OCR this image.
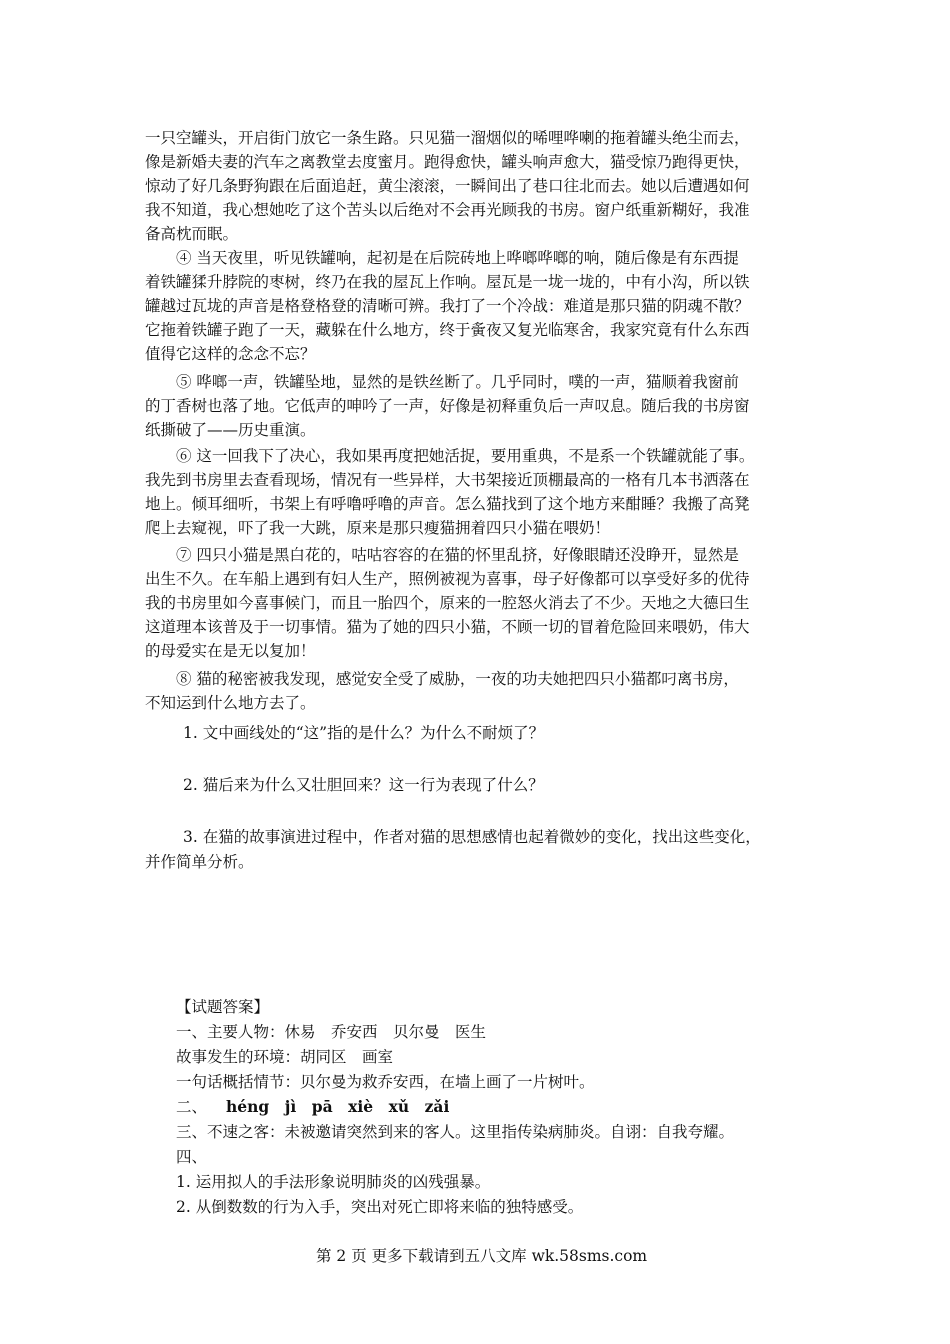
一只空罐头，开启街门放它一条生路。只见猫一溜烟似的唏哩哗喇的拖着罐头绝尘而去，
像是新婚夫妻的汽车之离教堂去度蜜月。跑得愈快，罐头响声愈大，猫受惊乃跑得更快，
惊动了好几条野狗跟在后面追赶，黄尘滚滚，一瞬间出了巷口往北而去。她以后遭遇如何
我不知道，我心想她吃了这个苦头以后绝对不会再光顾我的书房。窗户纸重新糊好，我准
备高枕而眠。
④ 当天夜里，听见铁罐响，起初是在后院砖地上哗啷哗啷的响，随后像是有东西提
着铁罐猱升脖院的枣树，终乃在我的屋瓦上作响。屋瓦是一垅一垅的，中有小沟，所以铁
罐越过瓦垅的声音是格登格登的清晰可辨。我打了一个冷战：难道是那只猫的阴魂不散？
它拖着铁罐子跑了一天，藏躲在什么地方，终于夤夜又复光临寒舍，我家究竟有什么东西
值得它这样的念念不忘？
⑤ 哗啷一声，铁罐坠地，显然的是铁丝断了。几乎同时，噗的一声，猫顺着我窗前
的丁香树也落了地。它低声的呻吟了一声，好像是初释重负后一声叹息。随后我的书房窗
纸撕破了——历史重演。
⑥ 这一回我下了决心，我如果再度把她活捉，要用重典，不是系一个铁罐就能了事。
我先到书房里去查看现场，情况有一些异样，大书架接近顶棚最高的一格有几本书洒落在
地上。倾耳细听，书架上有呼噜呼噜的声音。怎么猫找到了这个地方来酣睡？我搬了高凳
爬上去窥视，吓了我一大跳，原来是那只瘦猫拥着四只小猫在喂奶！
⑦ 四只小猫是黑白花的，咕咕容容的在猫的怀里乱挤，好像眼睛还没睁开，显然是
出生不久。在车船上遇到有妇人生产，照例被视为喜事，母子好像都可以享受好多的优待
我的书房里如今喜事候门，而且一胎四个，原来的一腔怒火消去了不少。天地之大德曰生
这道理本该普及于一切事情。猫为了她的四只小猫，不顾一切的冒着危险回来喂奶，伟大
的母爱实在是无以复加！
⑧ 猫的秘密被我发现，感觉安全受了威胁，一夜的功夫她把四只小猫都叼离书房，
不知运到什么地方去了。
1. 文中画线处的“这”指的是什么？为什么不耐烦了？
2. 猫后来为什么又壮胆回来？这一行为表现了什么？
3. 在猫的故事演进过程中，作者对猫的思想感情也起着微妙的变化，找出这些变化，
并作简单分析。
【试题答案】
一、主要人物：休易　乔安西　贝尔曼　医生
故事发生的环境：胡同区　画室
一句话概括情节：贝尔曼为救乔安西，在墙上画了一片树叶。
二、 héng　jì　pā　xiè　xǔ　zǎi
三、不速之客：未被邀请突然到来的客人。这里指传染病肺炎。自诩：自我夸耀。
四、
1. 运用拟人的手法形象说明肺炎的凶残强暴。
2. 从倒数数的行为入手，突出对死亡即将来临的独特感受。
第 2 页 更多下载请到五八文库 wk.58sms.com
